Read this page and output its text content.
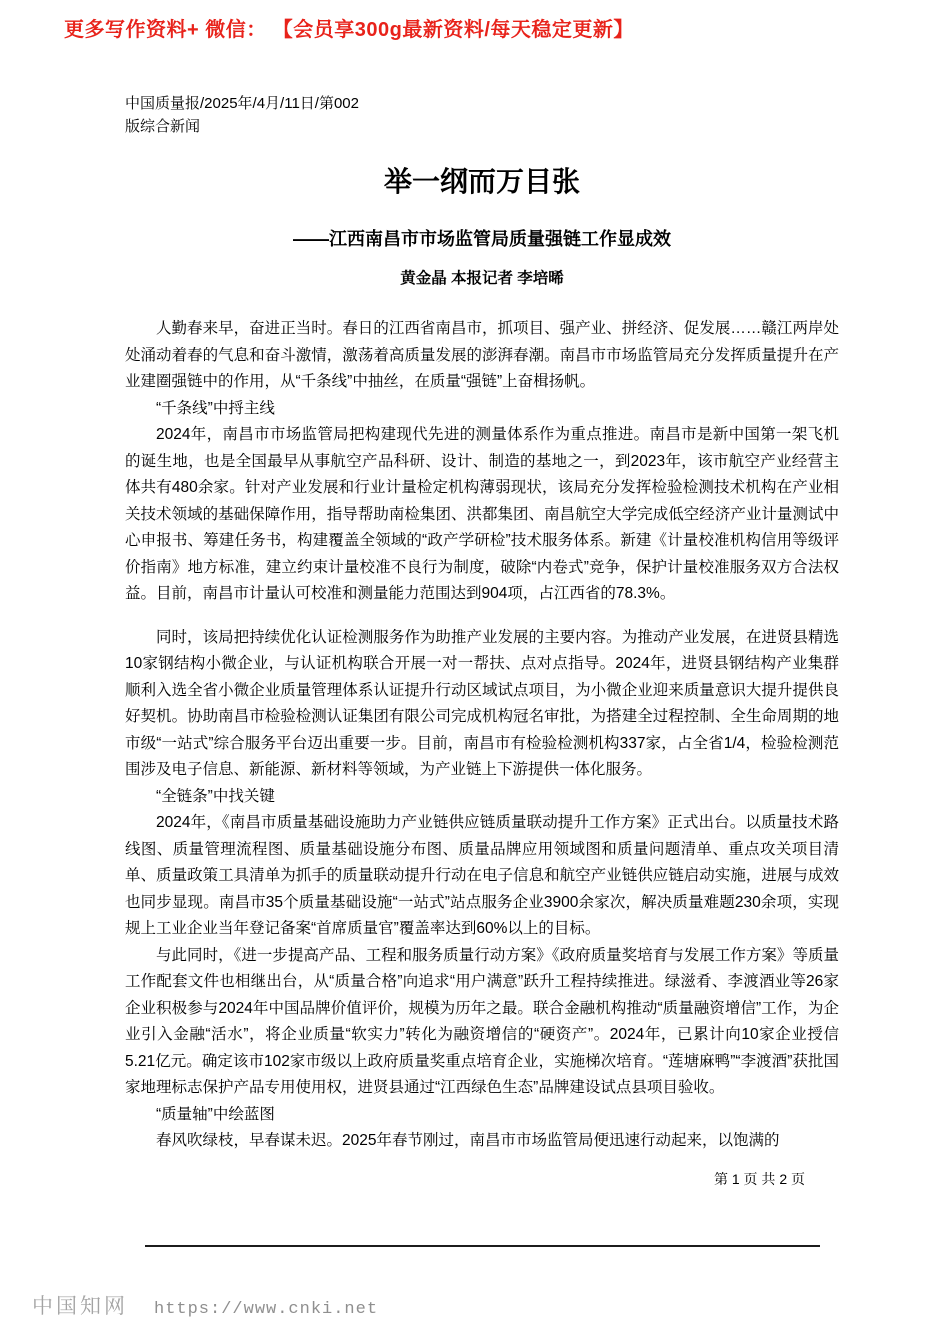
更多写作资料+ 微信： 【会员享300g最新资料/每天稳定更新】
中国质量报/2025年/4月/11日/第002
版综合新闻
举一纲而万目张
——江西南昌市市场监管局质量强链工作显成效
黄金晶 本报记者 李培晞

人勤春来早，奋进正当时。春日的江西省南昌市，抓项目、强产业、拼经济、促发展……赣江两岸处处涌动着春的气息和奋斗激情，激荡着高质量发展的澎湃春潮。南昌市市场监管局充分发挥质量提升在产业建圈强链中的作用，从“千条线”中抽丝，在质量“强链”上奋楫扬帆。

“千条线”中捋主线

2024年，南昌市市场监管局把构建现代先进的测量体系作为重点推进。南昌市是新中国第一架飞机的诞生地，也是全国最早从事航空产品科研、设计、制造的基地之一，到2023年，该市航空产业经营主体共有480余家。针对产业发展和行业计量检定机构薄弱现状，该局充分发挥检验检测技术机构在产业相关技术领域的基础保障作用，指导帮助南检集团、洪都集团、南昌航空大学完成低空经济产业计量测试中心申报书、筹建任务书，构建覆盖全领域的“政产学研检”技术服务体系。新建《计量校准机构信用等级评价指南》地方标准，建立约束计量校准不良行为制度，破除“内卷式”竞争，保护计量校准服务双方合法权益。目前，南昌市计量认可校准和测量能力范围达到904项，占江西省的78.3%。

同时，该局把持续优化认证检测服务作为助推产业发展的主要内容。为推动产业发展，在进贤县精选10家钢结构小微企业，与认证机构联合开展一对一帮扶、点对点指导。2024年，进贤县钢结构产业集群顺利入选全省小微企业质量管理体系认证提升行动区域试点项目，为小微企业迎来质量意识大提升提供良好契机。协助南昌市检验检测认证集团有限公司完成机构冠名审批，为搭建全过程控制、全生命周期的地市级“一站式”综合服务平台迈出重要一步。目前，南昌市有检验检测机构337家，占全省1/4，检验检测范围涉及电子信息、新能源、新材料等领域，为产业链上下游提供一体化服务。

“全链条”中找关键

2024年，《南昌市质量基础设施助力产业链供应链质量联动提升工作方案》正式出台。以质量技术路线图、质量管理流程图、质量基础设施分布图、质量品牌应用领域图和质量问题清单、重点攻关项目清单、质量政策工具清单为抓手的质量联动提升行动在电子信息和航空产业链供应链启动实施，进展与成效也同步显现。南昌市35个质量基础设施“一站式”站点服务企业3900余家次，解决质量难题230余项，实现规上工业企业当年登记备案“首席质量官”覆盖率达到60%以上的目标。

与此同时，《进一步提高产品、工程和服务质量行动方案》《政府质量奖培育与发展工作方案》等质量工作配套文件也相继出台，从“质量合格”向追求“用户满意”跃升工程持续推进。绿滋肴、李渡酒业等26家企业积极参与2024年中国品牌价值评价，规模为历年之最。联合金融机构推动“质量融资增信”工作，为企业引入金融“活水”，将企业质量“软实力”转化为融资增信的“硬资产”。2024年，已累计向10家企业授信5.21亿元。确定该市102家市级以上政府质量奖重点培育企业，实施梯次培育。“莲塘麻鸭”“李渡酒”获批国家地理标志保护产品专用使用权，进贤县通过“江西绿色生态”品牌建设试点县项目验收。

“质量轴”中绘蓝图

春风吹绿枝，早春谋未迟。2025年春节刚过，南昌市市场监管局便迅速行动起来，以饱满的

第 1 页 共 2 页
中国知网 https://www.cnki.net
